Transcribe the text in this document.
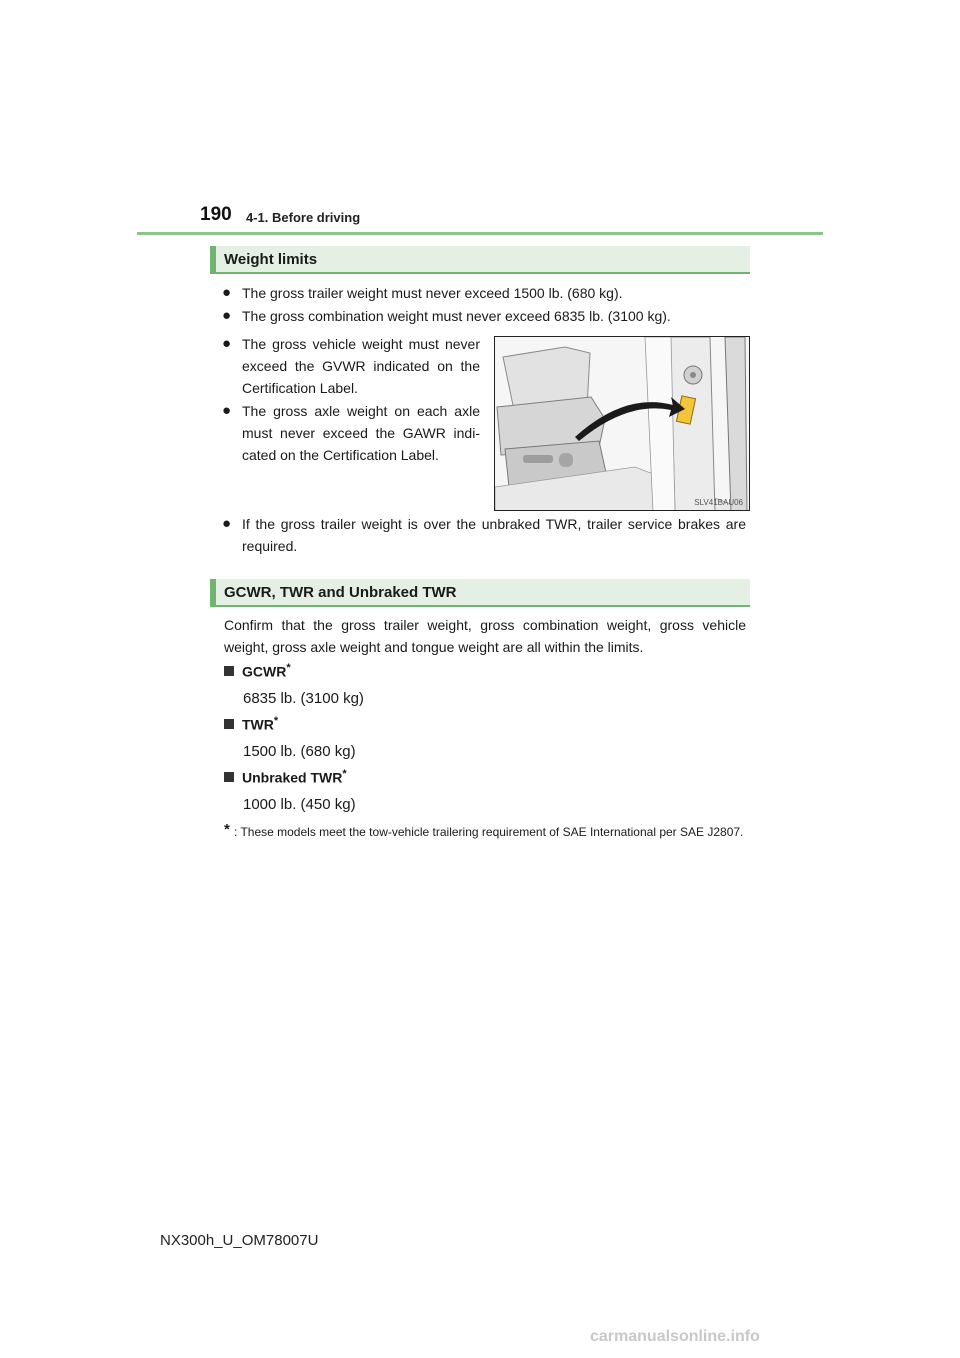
190 4-1. Before driving
Weight limits
● The gross trailer weight must never exceed 1500 lb. (680 kg).
● The gross combination weight must never exceed 6835 lb. (3100 kg).
● The gross vehicle weight must never
exceed the GVWR indicated on the
Certification Label.
● The gross axle weight on each axle
must never exceed the GAWR indi-
cated on the Certification Label.
SLV41BAU06
● If the gross trailer weight is over the unbraked TWR, trailer service brakes are
required.
GCWR, TWR and Unbraked TWR
Confirm that the gross trailer weight, gross combination weight, gross vehicle weight, gross axle weight and tongue weight are all within the limits.
GCWR*
6835 lb. (3100 kg)
TWR*
1500 lb. (680 kg)
Unbraked TWR*
1000 lb. (450 kg)
* : These models meet the tow-vehicle trailering requirement of SAE International per SAE J2807.
NX300h_U_OM78007U
carmanualsonline.info
